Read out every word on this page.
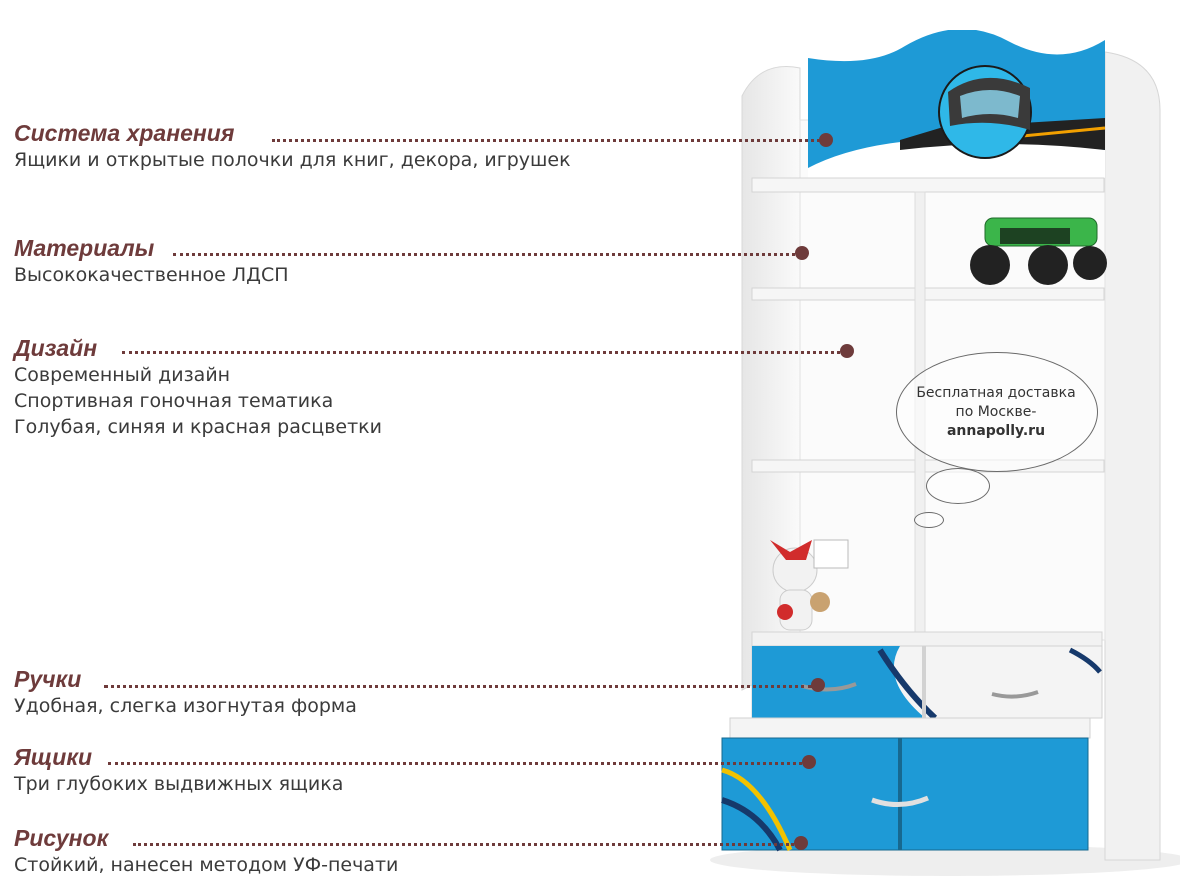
Бесплатная доставка
по Москве-
annapolly.ru
Система хранения
Ящики и открытые полочки для книг, декора, игрушек
Материалы
Высококачественное ЛДСП
Дизайн
Современный дизайн
Спортивная гоночная тематика
Голубая, синяя и красная расцветки
Ручки
Удобная, слегка изогнутая форма
Ящики
Три глубоких выдвижных ящика
Рисунок
Стойкий, нанесен методом УФ-печати
